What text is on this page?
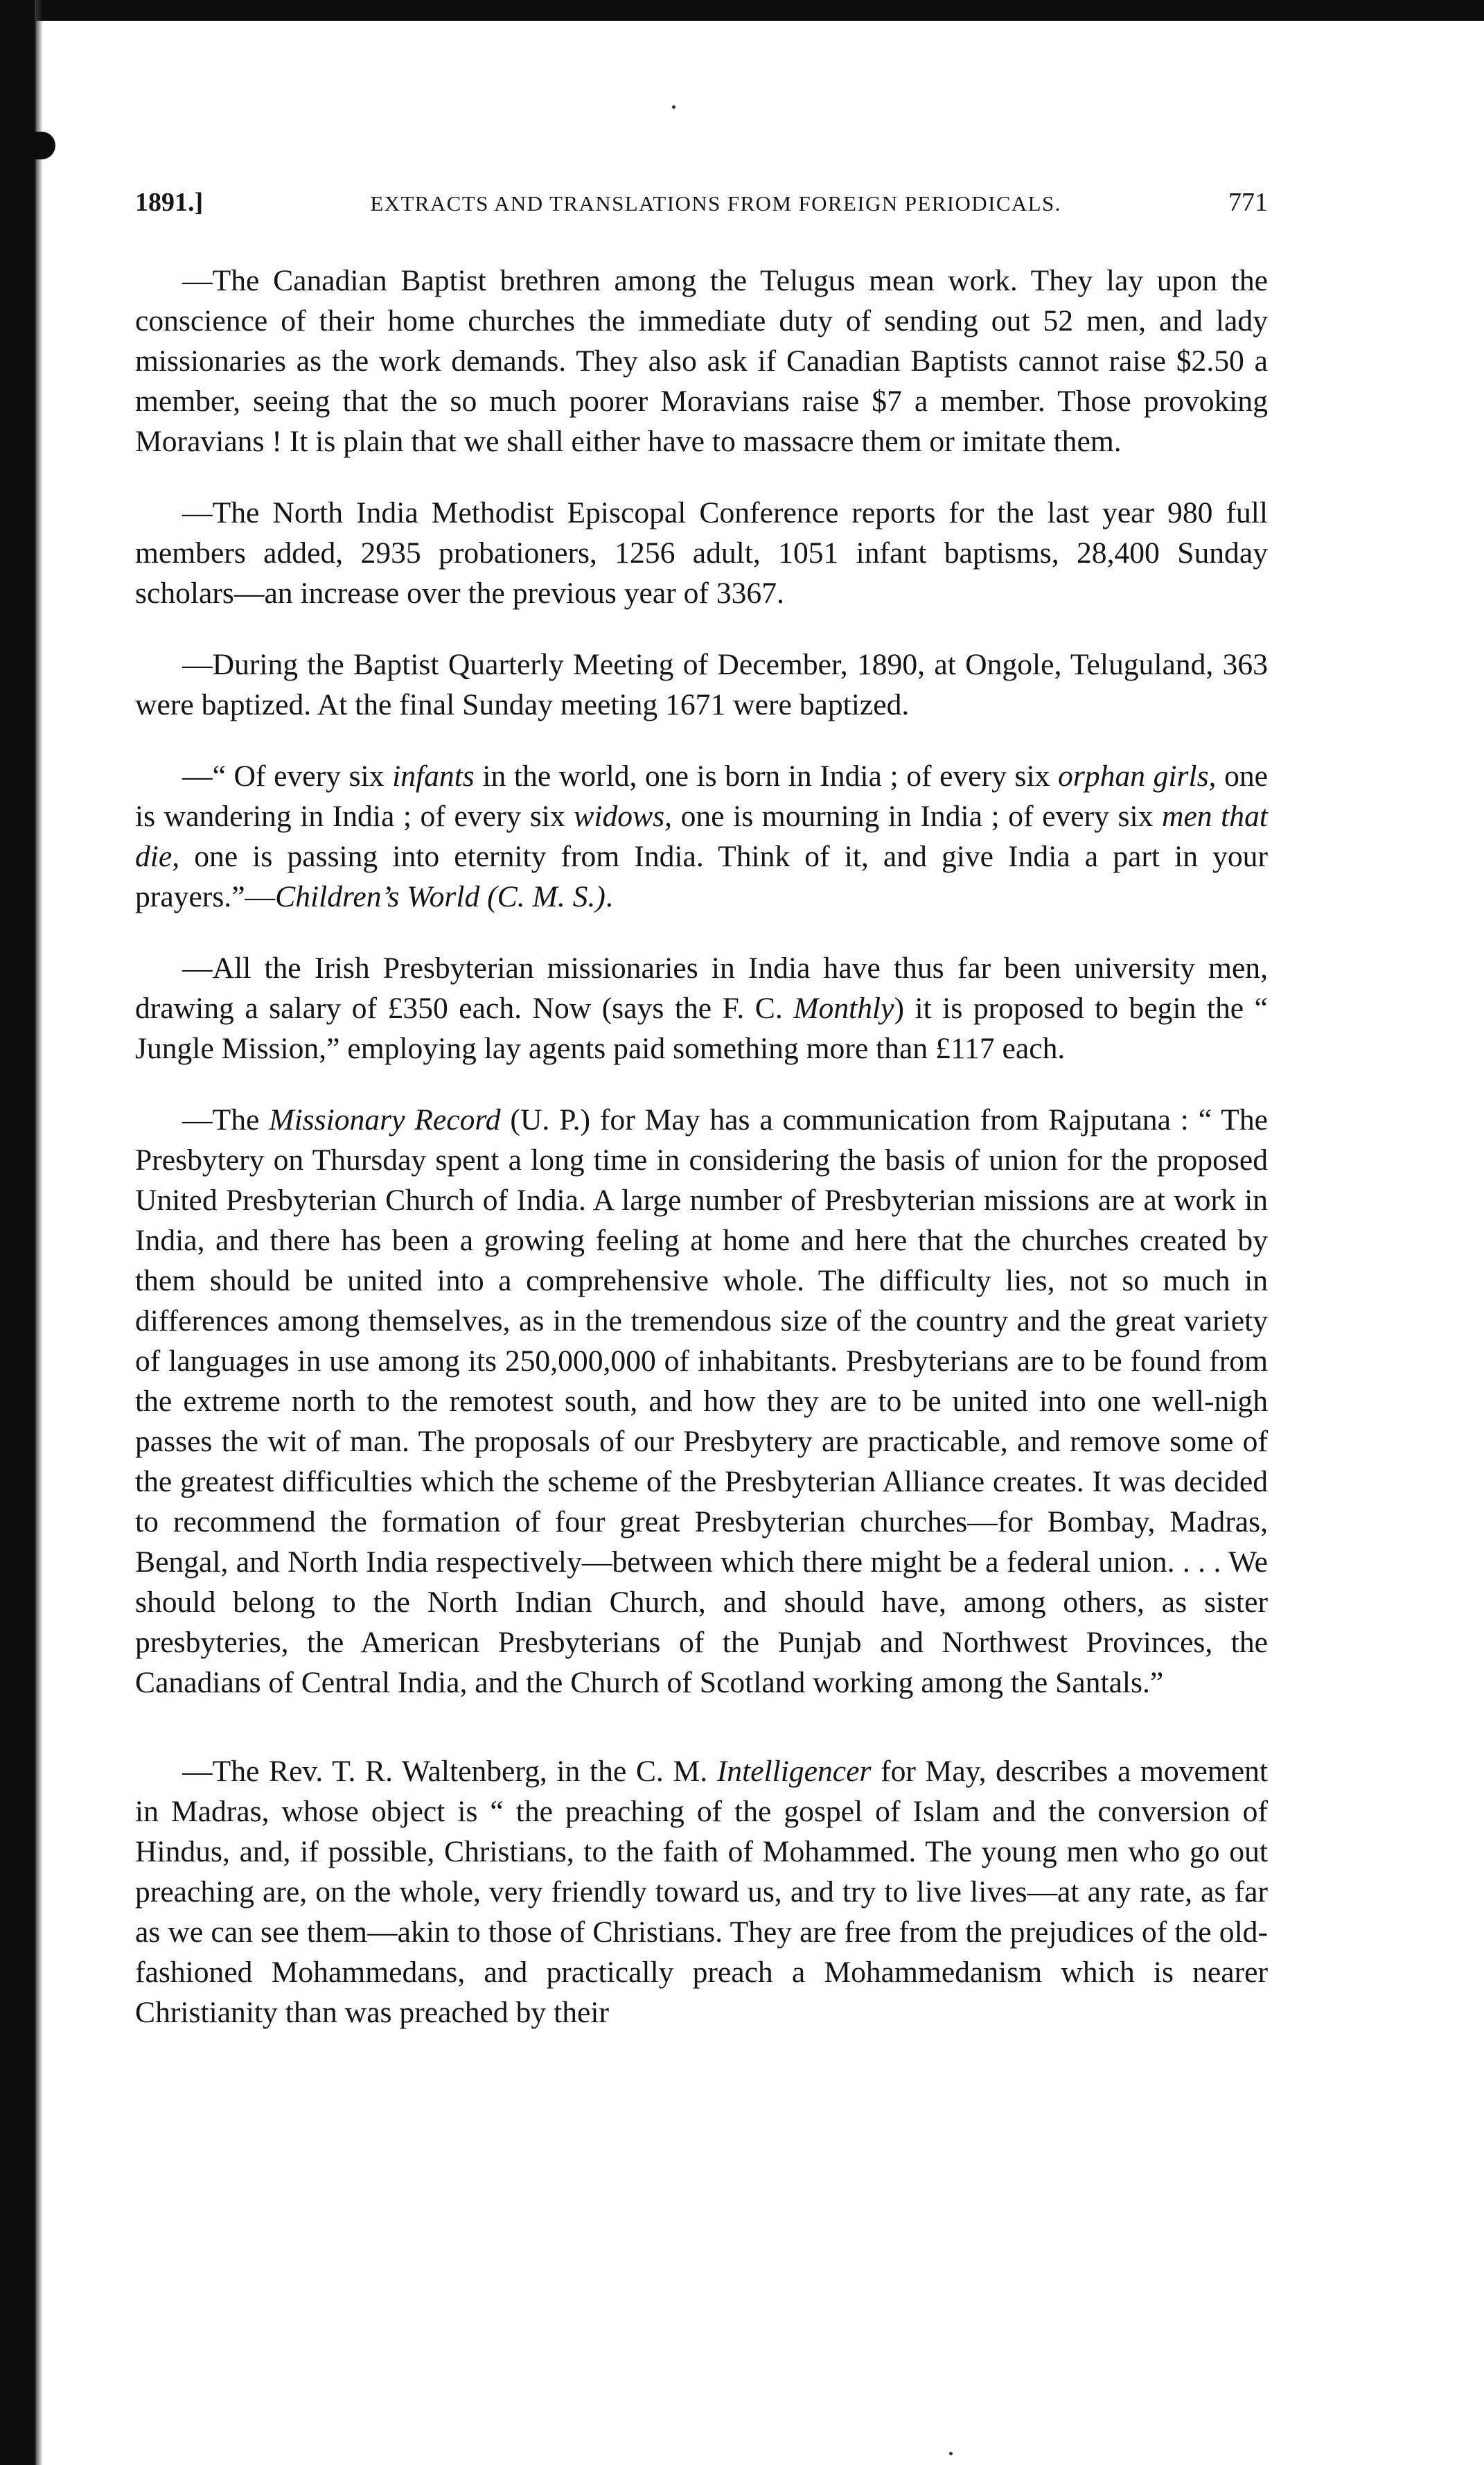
1891.]	EXTRACTS AND TRANSLATIONS FROM FOREIGN PERIODICALS.	771

—The Canadian Baptist brethren among the Telugus mean work. They lay upon the conscience of their home churches the immediate duty of sending out 52 men, and lady missionaries as the work demands. They also ask if Canadian Baptists cannot raise $2.50 a member, seeing that the so much poorer Moravians raise $7 a member. Those provoking Moravians ! It is plain that we shall either have to massacre them or imitate them.

—The North India Methodist Episcopal Conference reports for the last year 980 full members added, 2935 probationers, 1256 adult, 1051 infant baptisms, 28,400 Sunday scholars—an increase over the previous year of 3367.

—During the Baptist Quarterly Meeting of December, 1890, at Ongole, Teluguland, 363 were baptized. At the final Sunday meeting 1671 were baptized.

—“ Of every six infants in the world, one is born in India ; of every six orphan girls, one is wandering in India ; of every six widows, one is mourning in India ; of every six men that die, one is passing into eternity from India. Think of it, and give India a part in your prayers.”—Children’s World (C. M. S.).

—All the Irish Presbyterian missionaries in India have thus far been university men, drawing a salary of £350 each. Now (says the F. C. Monthly) it is proposed to begin the “ Jungle Mission,” employing lay agents paid something more than £117 each.

—The Missionary Record (U. P.) for May has a communication from Rajputana : “ The Presbytery on Thursday spent a long time in considering the basis of union for the proposed United Presbyterian Church of India. A large number of Presbyterian missions are at work in India, and there has been a growing feeling at home and here that the churches created by them should be united into a comprehensive whole. The difficulty lies, not so much in differences among themselves, as in the tremendous size of the country and the great variety of languages in use among its 250,000,000 of inhabitants. Presbyterians are to be found from the extreme north to the remotest south, and how they are to be united into one well-nigh passes the wit of man. The proposals of our Presbytery are practicable, and remove some of the greatest difficulties which the scheme of the Presbyterian Alliance creates. It was decided to recommend the formation of four great Presbyterian churches—for Bombay, Madras, Bengal, and North India respectively—between which there might be a federal union. . . . We should belong to the North Indian Church, and should have, among others, as sister presbyteries, the American Presbyterians of the Punjab and Northwest Provinces, the Canadians of Central India, and the Church of Scotland working among the Santals.”

—The Rev. T. R. Waltenberg, in the C. M. Intelligencer for May, describes a movement in Madras, whose object is “ the preaching of the gospel of Islam and the conversion of Hindus, and, if possible, Christians, to the faith of Mohammed. The young men who go out preaching are, on the whole, very friendly toward us, and try to live lives—at any rate, as far as we can see them—akin to those of Christians. They are free from the prejudices of the old-fashioned Mohammedans, and practically preach a Mohammedanism which is nearer Christianity than was preached by their
